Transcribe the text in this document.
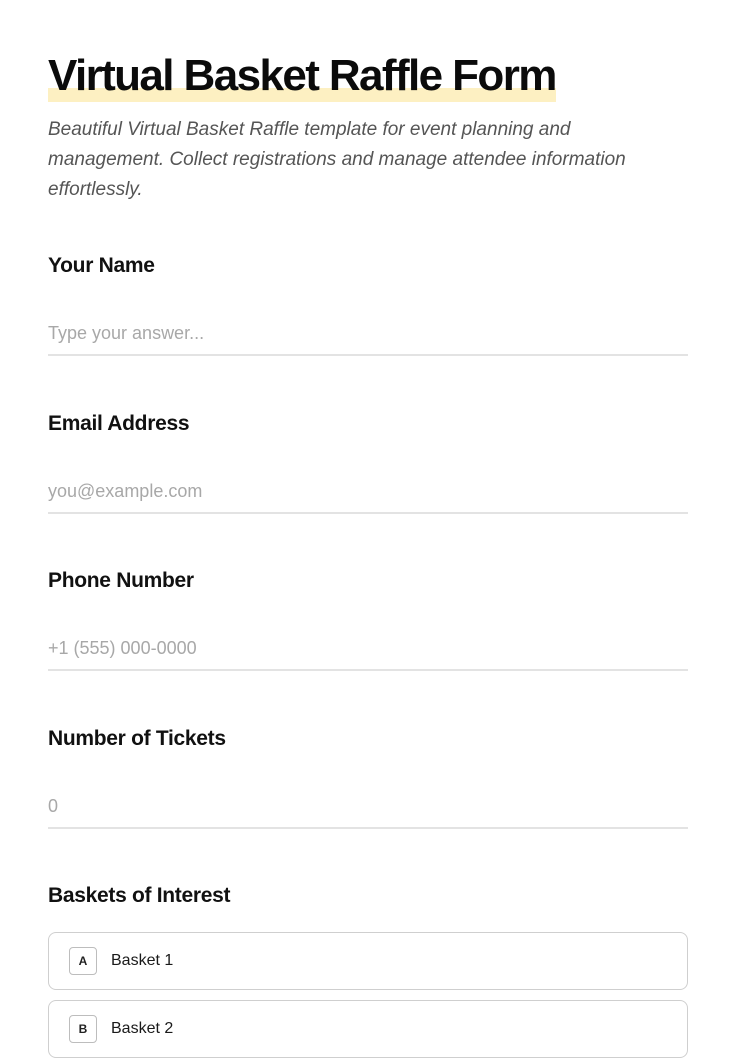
Virtual Basket Raffle Form

Beautiful Virtual Basket Raffle template for event planning and management. Collect registrations and manage attendee information effortlessly.

Your Name

Type your answer...

Email Address

you@example.com

Phone Number

+1 (555) 000-0000

Number of Tickets

0

Baskets of Interest

A	Basket 1
B	Basket 2
